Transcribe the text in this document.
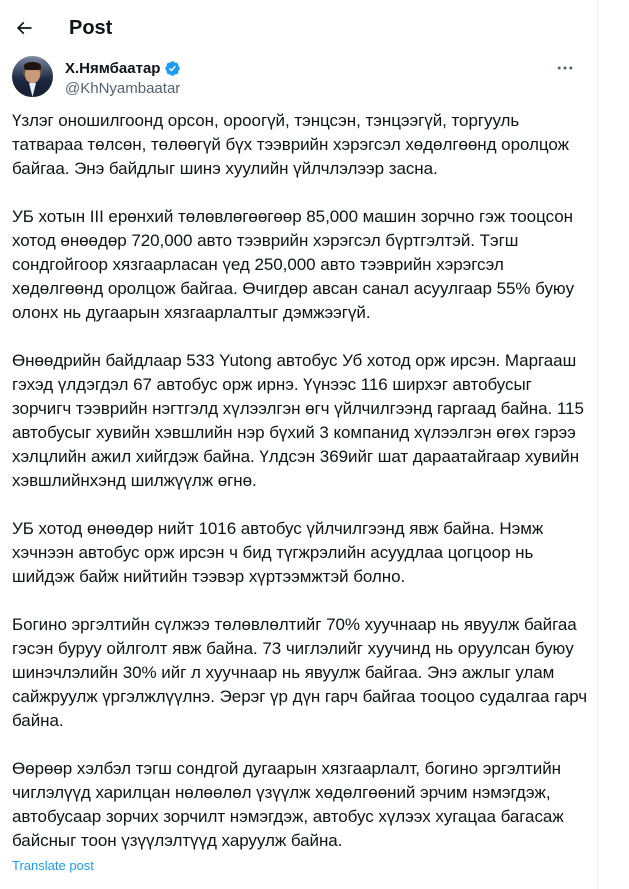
Post
Х.Нямбаатар
@KhNyambaatar

Үзлэг оношилгоонд орсон, ороогүй, тэнцсэн, тэнцээгүй, торгууль татвараа төлсөн, төлөөгүй бүх тээврийн хэрэгсэл хөдөлгөөнд оролцож байгаа. Энэ байдлыг шинэ хуулийн үйлчлэлээр засна.

УБ хотын III ерөнхий төлөвлөгөөгөөр 85,000 машин зорчно гэж тооцсон хотод өнөөдөр 720,000 авто тээврийн хэрэгсэл бүртгэлтэй. Тэгш сондгойгоор хязгаарласан үед 250,000 авто тээврийн хэрэгсэл хөдөлгөөнд оролцож байгаа. Өчигдөр авсан санал асуулгаар 55% буюу олонх нь дугаарын хязгаарлалтыг дэмжээгүй.

Өнөөдрийн байдлаар 533 Yutong автобус Уб хотод орж ирсэн. Маргааш гэхэд үлдэгдэл 67 автобус орж ирнэ. Үүнээс 116 ширхэг автобусыг зорчигч тээврийн нэгтгэлд хүлээлгэн өгч үйлчилгээнд гаргаад байна. 115 автобусыг хувийн хэвшлийн нэр бүхий 3 компанид хүлээлгэн өгөх гэрээ хэлцлийн ажил хийгдэж байна. Үлдсэн 369ийг шат дараатайгаар хувийн хэвшлийнхэнд шилжүүлж өгнө.

УБ хотод өнөөдөр нийт 1016 автобус үйлчилгээнд явж байна. Нэмж хэчнээн автобус орж ирсэн ч бид түгжрэлийн асуудлаа цогцоор нь шийдэж байж нийтийн тээвэр хүртээмжтэй болно.

Богино эргэлтийн сүлжээ төлөвлөлтийг 70% хуучнаар нь явуулж байгаа гэсэн буруу ойлголт явж байна. 73 чиглэлийг хуучинд нь оруулсан буюу шинэчлэлийн 30% ийг л хуучнаар нь явуулж байгаа. Энэ ажлыг улам сайжруулж үргэлжлүүлнэ. Эерэг үр дүн гарч байгаа тооцоо судалгаа гарч байна.

Өөрөөр хэлбэл тэгш сондгой дугаарын хязгаарлалт, богино эргэлтийн чиглэлүүд харилцан нөлөөлөл үзүүлж хөдөлгөөний эрчим нэмэгдэж, автобусаар зорчих зорчилт нэмэгдэж, автобус хүлээх хугацаа багасаж байсныг тоон үзүүлэлтүүд харуулж байна.

Translate post
